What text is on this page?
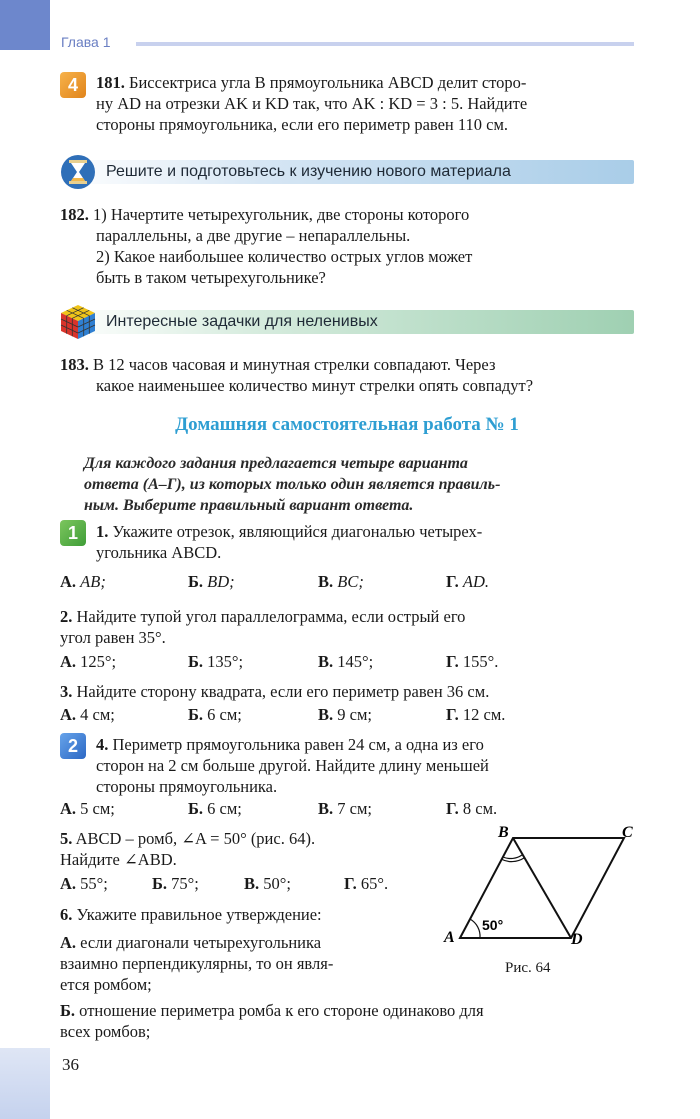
Глава 1
4	181. Биссектриса угла B прямоугольника ABCD делит сторо-
ну AD на отрезки AK и KD так, что AK : KD = 3 : 5. Найдите
стороны прямоугольника, если его периметр равен 110 см.
Решите и подготовьтесь к изучению нового материала
182. 1) Начертите четырехугольник, две стороны которого
параллельны, а две другие – непараллельны.
2) Какое наибольшее количество острых углов может
быть в таком четырехугольнике?
Интересные задачки для неленивых
183. В 12 часов часовая и минутная стрелки совпадают. Через
какое наименьшее количество минут стрелки опять совпадут?
Домашняя самостоятельная работа № 1
Для каждого задания предлагается четыре варианта
ответа (А–Г), из которых только один является правиль-
ным. Выберите правильный вариант ответа.
1	1. Укажите отрезок, являющийся диагональю четырех-
угольника ABCD.
А. AB;	Б. BD;	В. BC;	Г. AD.
2. Найдите тупой угол параллелограмма, если острый его
угол равен 35°.
А. 125°;	Б. 135°;	В. 145°;	Г. 155°.
3. Найдите сторону квадрата, если его периметр равен 36 см.
А. 4 см;	Б. 6 см;	В. 9 см;	Г. 12 см.
2	4. Периметр прямоугольника равен 24 см, а одна из его
сторон на 2 см больше другой. Найдите длину меньшей
стороны прямоугольника.
А. 5 см;	Б. 6 см;	В. 7 см;	Г. 8 см.
5. ABCD – ромб, ∠A = 50° (рис. 64).
Найдите ∠ABD.
А. 55°;	Б. 75°;	В. 50°;	Г. 65°.
A
B	C
D
50°
Рис. 64
6. Укажите правильное утверждение:
А. если диагонали четырехугольника
взаимно перпендикулярны, то он явля-
ется ромбом;
Б. отношение периметра ромба к его стороне одинаково для
всех ромбов;
36
